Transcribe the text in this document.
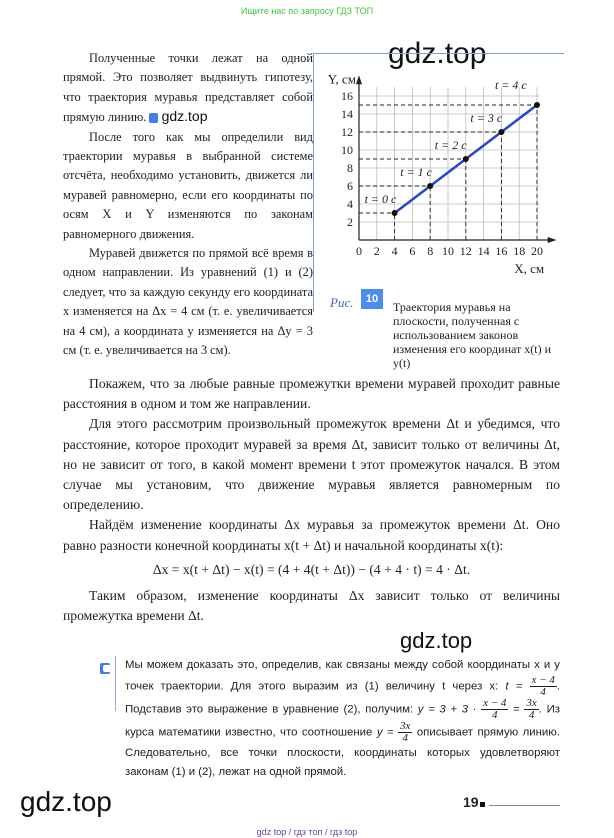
Ищите нас по запросу ГДЗ ТОП
gdz.top

Полученные точки лежат на одной прямой. Это позволяет выдвинуть гипотезу, что траектория муравья представляет собой прямую линию. gdz.top

После того как мы определили вид траектории муравья в выбранной системе отсчёта, необходимо установить, движется ли муравей равномерно, если его координаты по осям X и Y изменяются по законам равномерного движения.

Муравей движется по прямой всё время в одном направлении. Из уравнений (1) и (2) следует, что за каждую секунду его координата x изменяется на Δx = 4 см (т. е. увеличивается на 4 см), а координата y изменяется на Δy = 3 см (т. е. увеличивается на 3 см).

t = 0 с
t = 1 с
t = 2 с
t = 3 с
t = 4 с
0 2 4 6 8 10 12 14 16 18 20
2
4
6
8
10
12
14
16
X, см
Y, см
Рис.	10
Траектория муравья на плоскости, полученная с использованием законов изменения его координат x(t) и y(t)

Покажем, что за любые равные промежутки времени муравей проходит равные расстояния в одном и том же направлении.

Для этого рассмотрим произвольный промежуток времени Δt и убедимся, что расстояние, которое проходит муравей за время Δt, зависит только от величины Δt, но не зависит от того, в какой момент времени t этот промежуток начался. В этом случае мы установим, что движение муравья является равномерным по определению.

Найдём изменение координаты Δx муравья за промежуток времени Δt. Оно равно разности конечной координаты x(t + Δt) и начальной координаты x(t):

Δx = x(t + Δt) − x(t) = (4 + 4(t + Δt)) − (4 + 4 · t) = 4 · Δt.

Таким образом, изменение координаты Δx зависит только от величины промежутка времени Δt.

gdz.top
Мы можем доказать это, определив, как связаны между собой координаты x и y точек траектории. Для этого выразим из (1) величину t через x: $t = \frac{x - 4}{4}$ . Подставив это выражение в уравнение (2), получим: $y = 3 + 3 \cdot \frac{x - 4}{4} = \frac{3x}{4}$ . Из курса математики известно, что соотношение $y = \frac{3x}{4}$ описывает прямую линию. Следовательно, все точки плоскости, координаты которых удовлетворяют законам (1) и (2), лежат на одной прямой.
gdz.top	19
gdz top / гдз топ / гдз top
